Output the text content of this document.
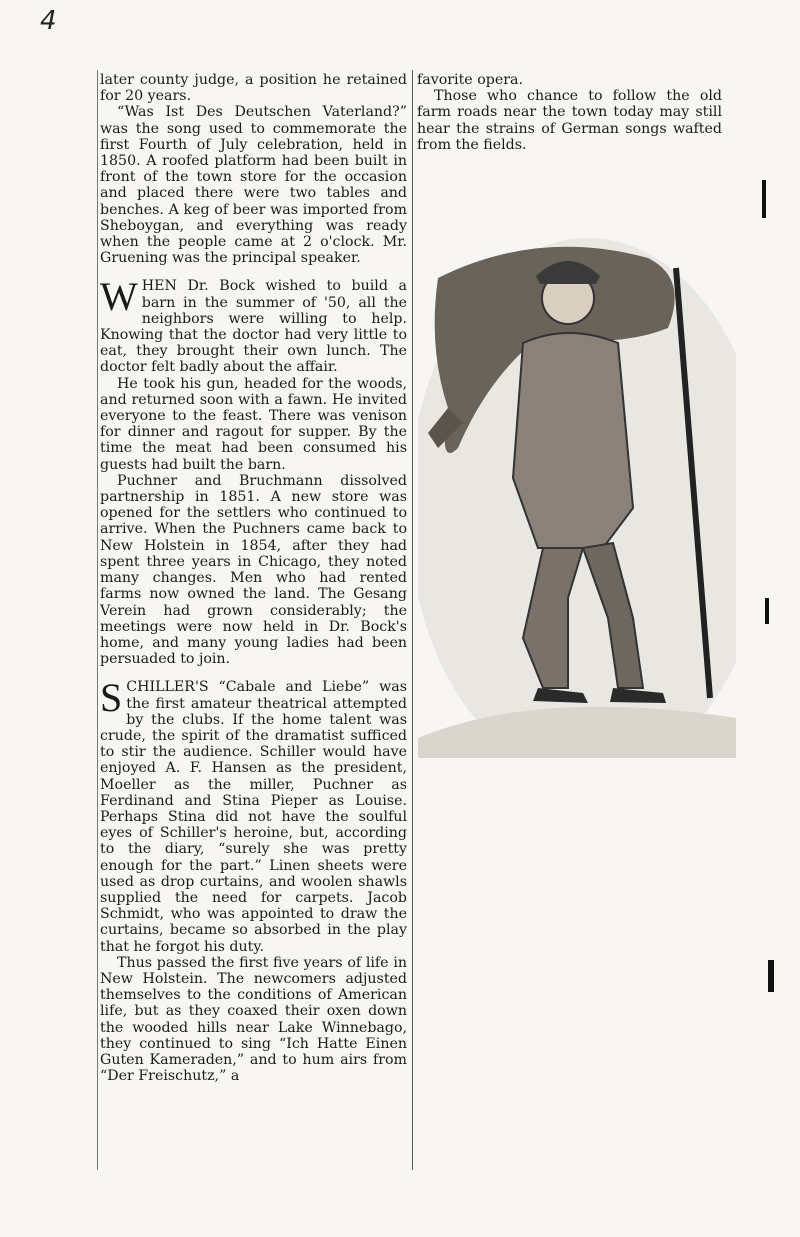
4

later county judge, a position he retained for 20 years.

“Was Ist Des Deutschen Vaterland?” was the song used to commemorate the first Fourth of July celebration, held in 1850. A roofed platform had been built in front of the town store for the occasion and placed there were two tables and benches. A keg of beer was imported from Sheboygan, and everything was ready when the people came at 2 o'clock. Mr. Gruening was the principal speaker.

WHEN Dr. Bock wished to build a barn in the summer of '50, all the neighbors were willing to help. Knowing that the doctor had very little to eat, they brought their own lunch. The doctor felt badly about the affair.

He took his gun, headed for the woods, and returned soon with a fawn. He invited everyone to the feast. There was venison for dinner and ragout for supper. By the time the meat had been consumed his guests had built the barn.

Puchner and Bruchmann dissolved partnership in 1851. A new store was opened for the settlers who continued to arrive. When the Puchners came back to New Holstein in 1854, after they had spent three years in Chicago, they noted many changes. Men who had rented farms now owned the land. The Gesang Verein had grown considerably; the meetings were now held in Dr. Bock's home, and many young ladies had been persuaded to join.

SCHILLER'S “Cabale and Liebe” was the first amateur theatrical attempted by the clubs. If the home talent was crude, the spirit of the dramatist sufficed to stir the audience. Schiller would have enjoyed A. F. Hansen as the president, Moeller as the miller, Puchner as Ferdinand and Stina Pieper as Louise. Perhaps Stina did not have the soulful eyes of Schiller's heroine, but, according to the diary, “surely she was pretty enough for the part.” Linen sheets were used as drop curtains, and woolen shawls supplied the need for carpets. Jacob Schmidt, who was appointed to draw the curtains, became so absorbed in the play that he forgot his duty.

Thus passed the first five years of life in New Holstein. The newcomers adjusted themselves to the conditions of American life, but as they coaxed their oxen down the wooded hills near Lake Winnebago, they continued to sing “Ich Hatte Einen Guten Kameraden,” and to hum airs from “Der Freischutz,” a

favorite opera.

Those who chance to follow the old farm roads near the town today may still hear the strains of German songs wafted from the fields.
